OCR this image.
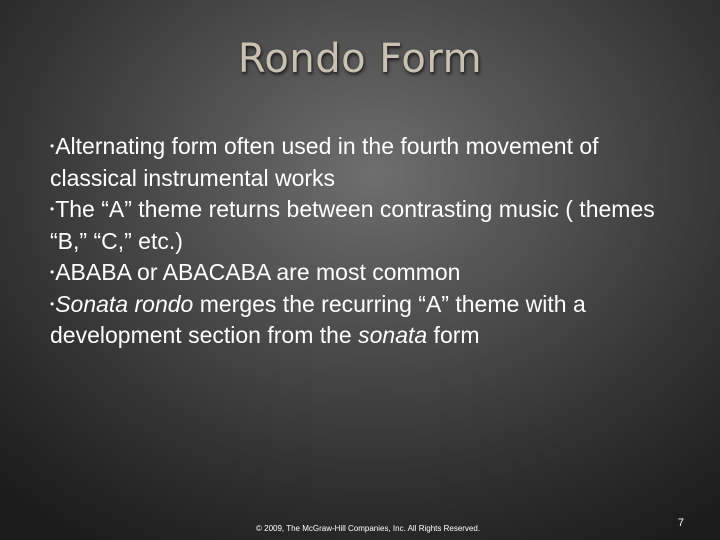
Rondo Form
•Alternating form often used in the fourth movement of classical instrumental works
•The “A” theme returns between contrasting music ( themes “B,” “C,” etc.)
•ABABA or ABACABA are most common
•Sonata rondo merges the recurring “A” theme with a development section from the sonata form
© 2009, The McGraw-Hill Companies, Inc. All Rights Reserved.	7
